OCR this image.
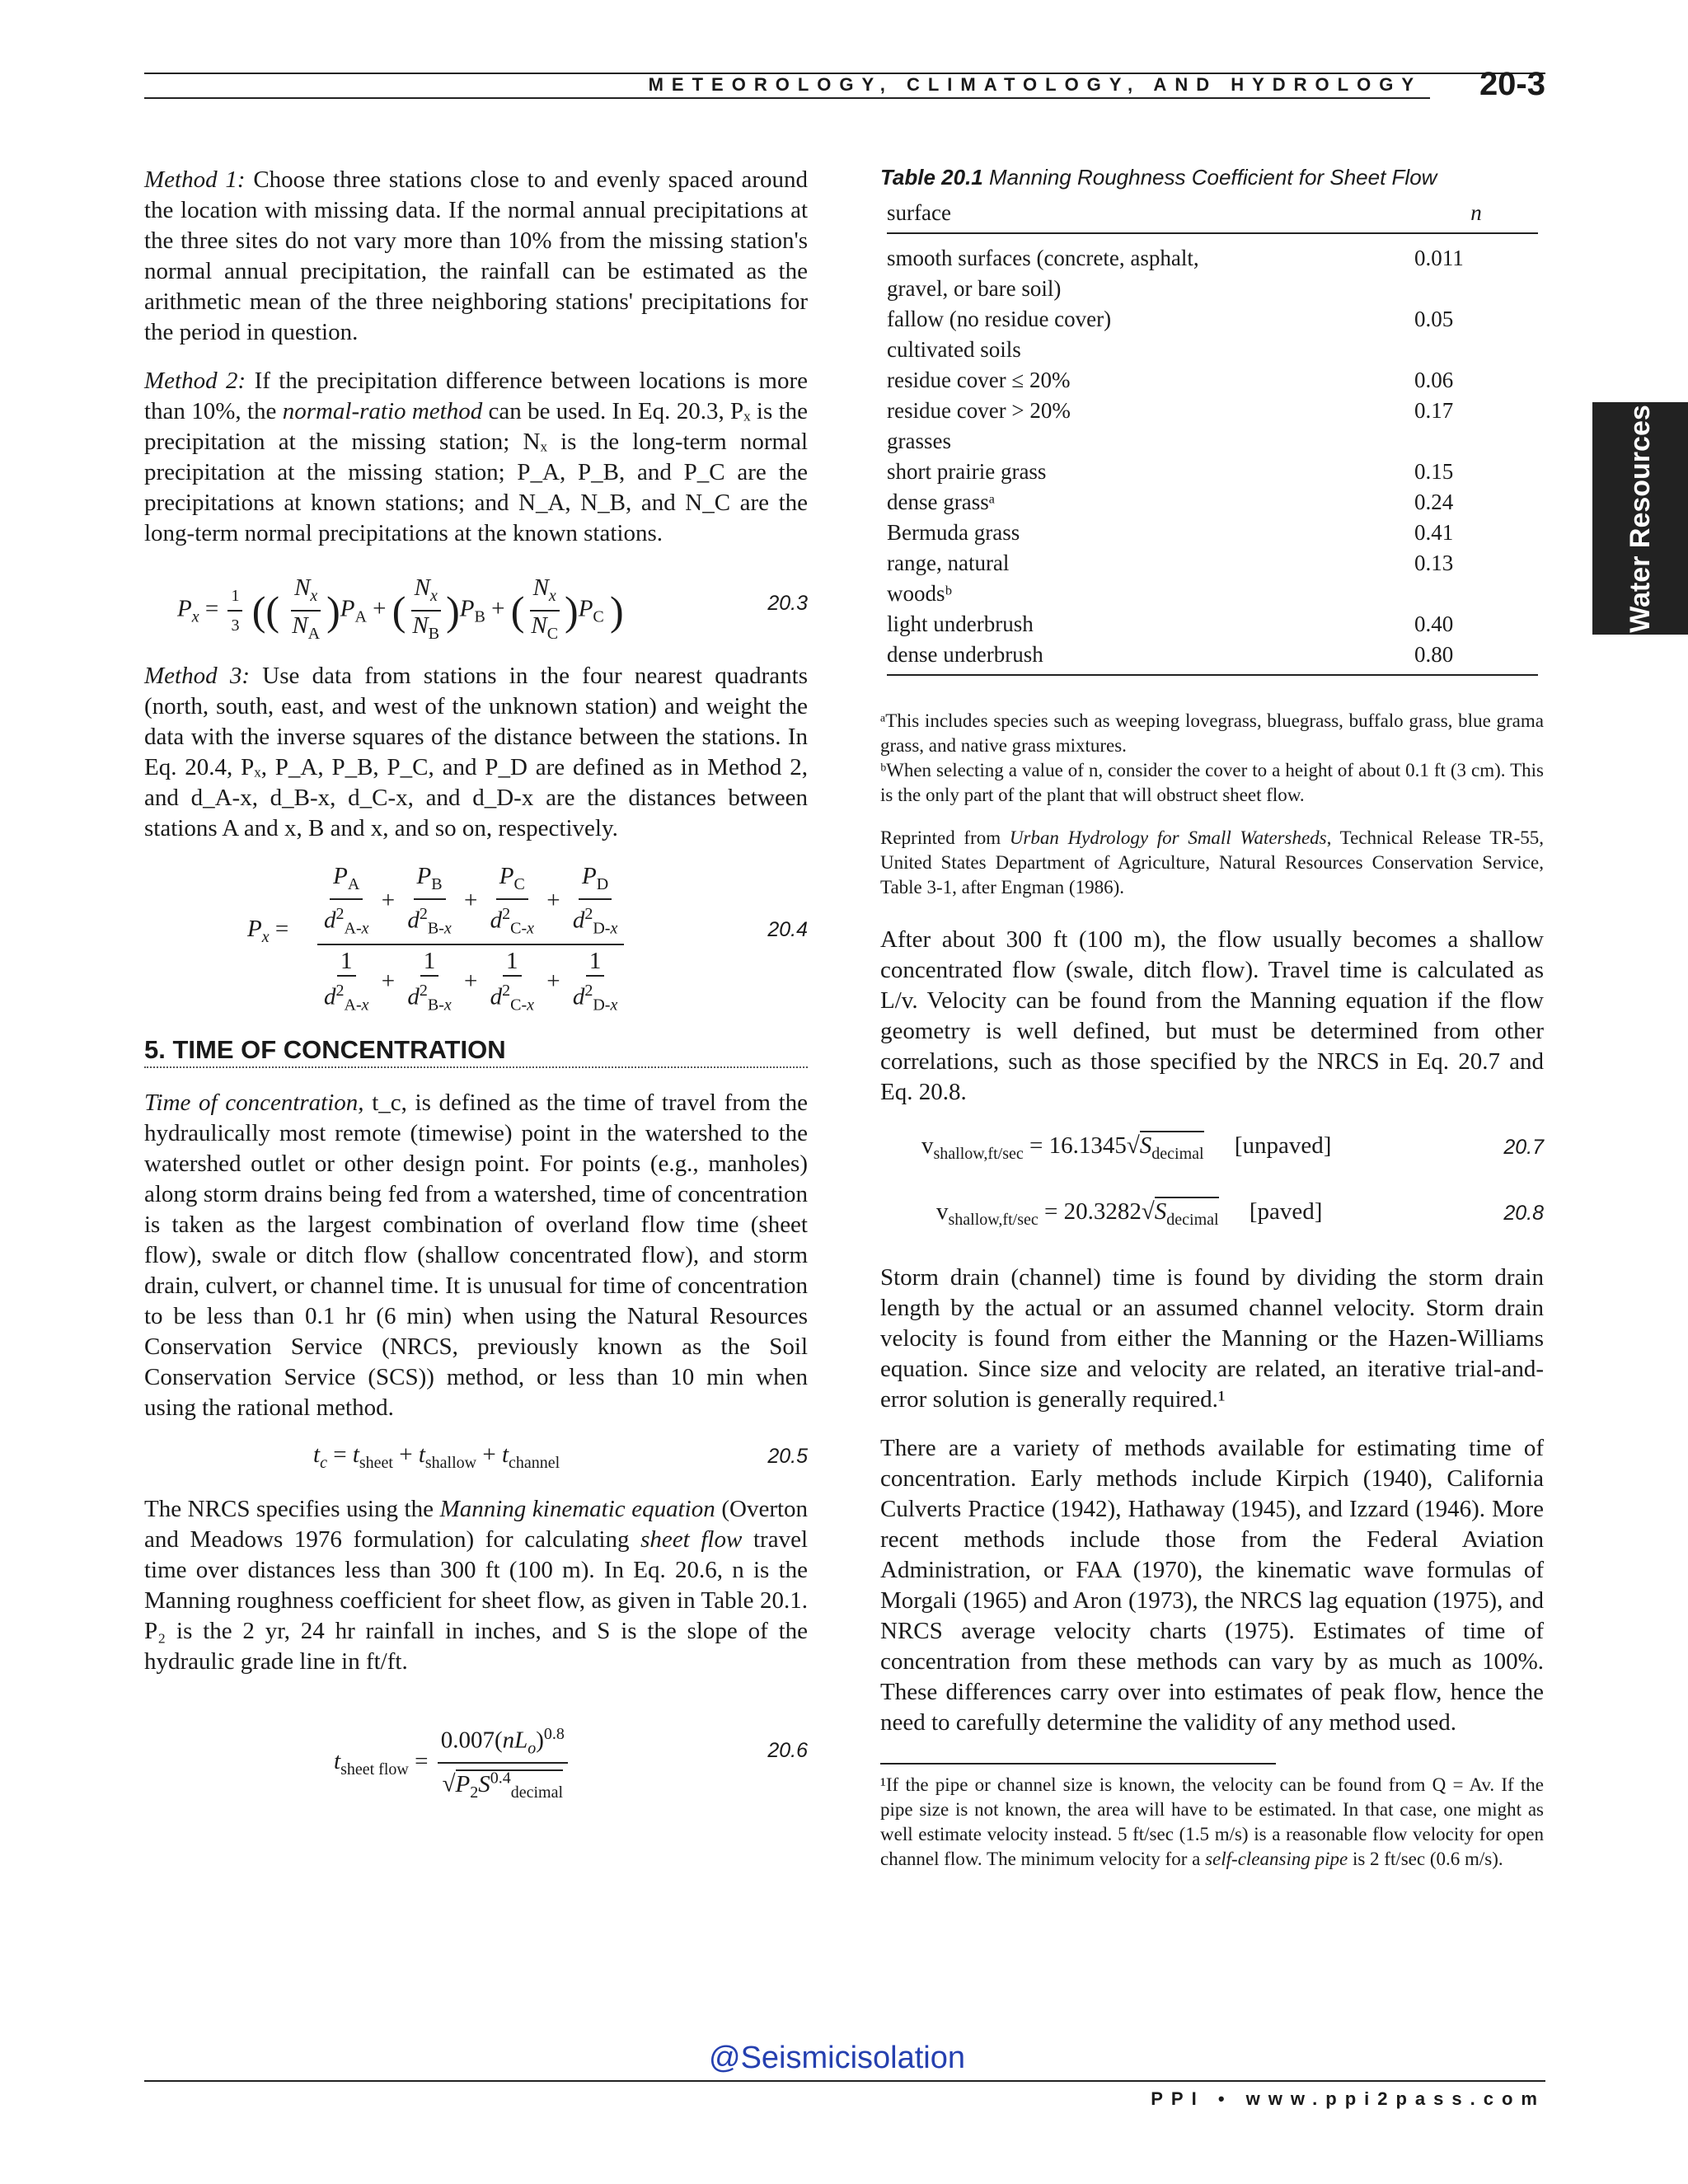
METEOROLOGY, CLIMATOLOGY, AND HYDROLOGY 20-3
Water Resources

Method 1: Choose three stations close to and evenly spaced around the location with missing data. If the normal annual precipitations at the three sites do not vary more than 10% from the missing station's normal annual precipitation, the rainfall can be estimated as the arithmetic mean of the three neighboring stations' precipitations for the period in question.

Method 2: If the precipitation difference between locations is more than 10%, the normal-ratio method can be used. In Eq. 20.3, Pₓ is the precipitation at the missing station; Nₓ is the long-term normal precipitation at the missing station; P_A, P_B, and P_C are the precipitations at known stations; and N_A, N_B, and N_C are the long-term normal precipitations at the known stations.

$P_x = \frac{1}{3}$ (( $\frac{N_x}{N_A} )P_A$ + ( $\frac{N_x}{N_B} )P_B$ + ( $\frac{N_x}{N_C} )P_C$ )	20.3

Method 3: Use data from stations in the four nearest quadrants (north, south, east, and west of the unknown station) and weight the data with the inverse squares of the distance between the stations. In Eq. 20.4, Pₓ, P_A, P_B, P_C, and P_D are defined as in Method 2, and d_A-x, d_B-x, d_C-x, and d_D-x are the distances between stations A and x, B and x, and so on, respectively.

$P_x = \frac{P_A}{d^2_{A-x}} + \frac{P_B}{d^2_{B-x}} + \frac{P_C}{d^2_{C-x}} + \frac{P_D}{d^2_{D-x}}$
$\frac{1}{d^2_{A-x}} + \frac{1}{d^2_{B-x}} + \frac{1}{d^2_{C-x}} + \frac{1}{d^2_{D-x}}$
20.4
5. TIME OF CONCENTRATION

Time of concentration, t_c, is defined as the time of travel from the hydraulically most remote (timewise) point in the watershed to the watershed outlet or other design point. For points (e.g., manholes) along storm drains being fed from a watershed, time of concentration is taken as the largest combination of overland flow time (sheet flow), swale or ditch flow (shallow concentrated flow), and storm drain, culvert, or channel time. It is unusual for time of concentration to be less than 0.1 hr (6 min) when using the Natural Resources Conservation Service (NRCS, previously known as the Soil Conservation Service (SCS)) method, or less than 10 min when using the rational method.

$t_c = t_{sheet} + t_{shallow} + t_{channel}$	20.5

The NRCS specifies using the Manning kinematic equation (Overton and Meadows 1976 formulation) for calculating sheet flow travel time over distances less than 300 ft (100 m). In Eq. 20.6, n is the Manning roughness coefficient for sheet flow, as given in Table 20.1. P₂ is the 2 yr, 24 hr rainfall in inches, and S is the slope of the hydraulic grade line in ft/ft.

$t_{sheet flow} = \frac{0.007(nL_o)^{0.8}}{√P_2S^{0.4}_{decimal}}$	20.6
Table 20.1 Manning Roughness Coefficient for Sheet Flow
surface	n
smooth surfaces (concrete, asphalt,	0.011
gravel, or bare soil)	
fallow (no residue cover)	0.05
cultivated soils	
residue cover ≤ 20%	0.06
residue cover > 20%	0.17
grasses	
short prairie grass	0.15
dense grassᵃ	0.24
Bermuda grass	0.41
range, natural	0.13
woodsᵇ	
light underbrush	0.40
dense underbrush	0.80

ᵃThis includes species such as weeping lovegrass, bluegrass, buffalo grass, blue grama grass, and native grass mixtures.

ᵇWhen selecting a value of n, consider the cover to a height of about 0.1 ft (3 cm). This is the only part of the plant that will obstruct sheet flow.

Reprinted from Urban Hydrology for Small Watersheds, Technical Release TR-55, United States Department of Agriculture, Natural Resources Conservation Service, Table 3-1, after Engman (1986).

After about 300 ft (100 m), the flow usually becomes a shallow concentrated flow (swale, ditch flow). Travel time is calculated as L/v. Velocity can be found from the Manning equation if the flow geometry is well defined, but must be determined from other correlations, such as those specified by the NRCS in Eq. 20.7 and Eq. 20.8.

$v_{shallow,ft/sec} = 16.1345√S_{decimal}$ [unpaved]	20.7
$v_{shallow,ft/sec} = 20.3282√S_{decimal}$ [paved]	20.8

Storm drain (channel) time is found by dividing the storm drain length by the actual or an assumed channel velocity. Storm drain velocity is found from either the Manning or the Hazen-Williams equation. Since size and velocity are related, an iterative trial-and-error solution is generally required.¹

There are a variety of methods available for estimating time of concentration. Early methods include Kirpich (1940), California Culverts Practice (1942), Hathaway (1945), and Izzard (1946). More recent methods include those from the Federal Aviation Administration, or FAA (1970), the kinematic wave formulas of Morgali (1965) and Aron (1973), the NRCS lag equation (1975), and NRCS average velocity charts (1975). Estimates of time of concentration from these methods can vary by as much as 100%. These differences carry over into estimates of peak flow, hence the need to carefully determine the validity of any method used.

¹If the pipe or channel size is known, the velocity can be found from Q = Av. If the pipe size is not known, the area will have to be estimated. In that case, one might as well estimate velocity instead. 5 ft/sec (1.5 m/s) is a reasonable flow velocity for open channel flow. The minimum velocity for a self-cleansing pipe is 2 ft/sec (0.6 m/s).

@Seismicisolation
PPI • www.ppi2pass.com
